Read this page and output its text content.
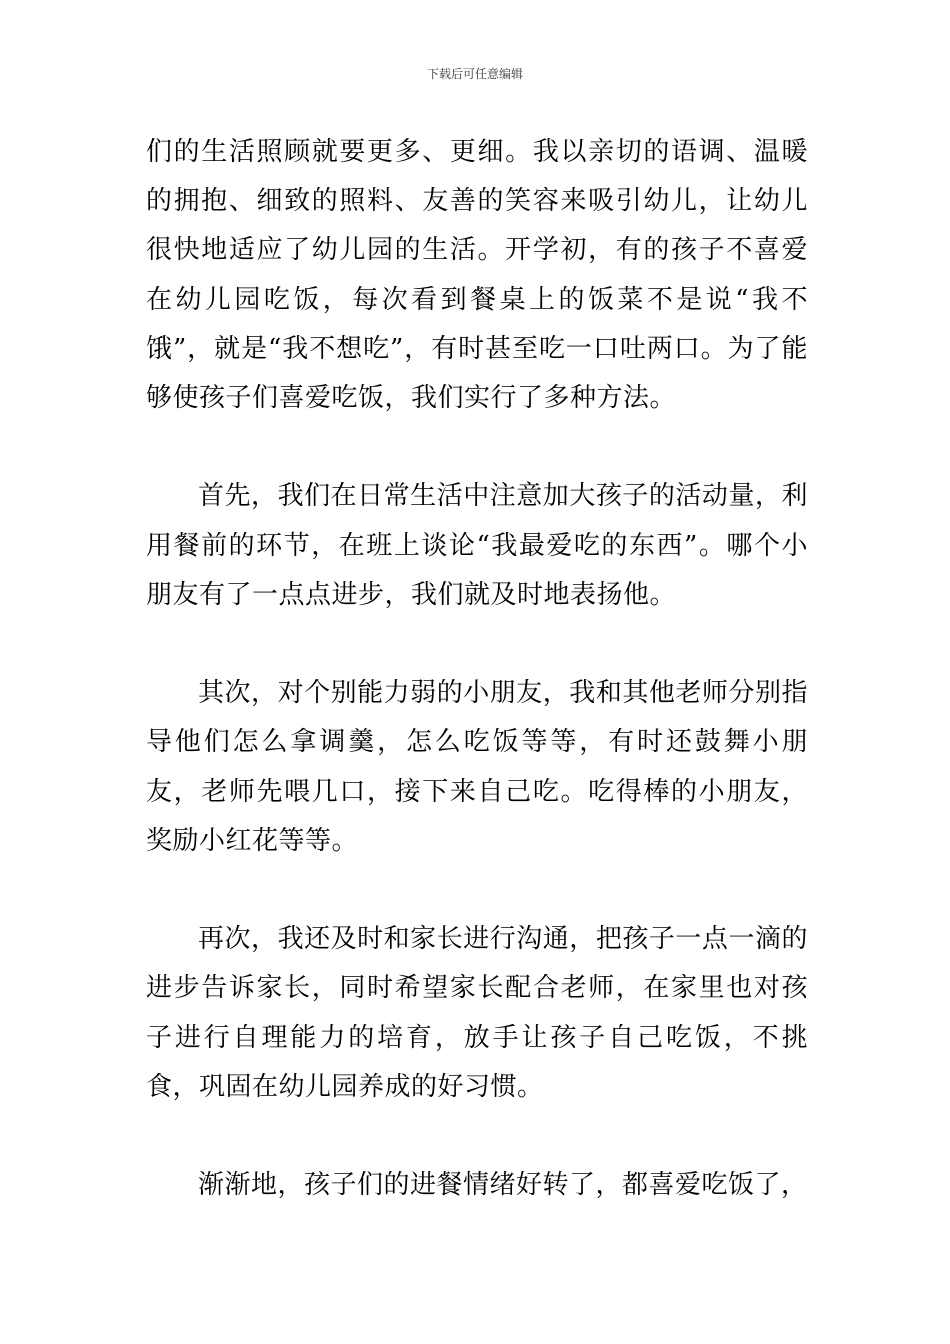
下载后可任意编辑

们的生活照顾就要更多、更细。我以亲切的语调、温暖的拥抱、细致的照料、友善的笑容来吸引幼儿，让幼儿很快地适应了幼儿园的生活。开学初，有的孩子不喜爱在幼儿园吃饭，每次看到餐桌上的饭菜不是说“我不饿”，就是“我不想吃”，有时甚至吃一口吐两口。为了能够使孩子们喜爱吃饭，我们实行了多种方法。

首先，我们在日常生活中注意加大孩子的活动量，利用餐前的环节，在班上谈论“我最爱吃的东西”。哪个小朋友有了一点点进步，我们就及时地表扬他。

其次，对个别能力弱的小朋友，我和其他老师分别指导他们怎么拿调羹，怎么吃饭等等，有时还鼓舞小朋友，老师先喂几口，接下来自己吃。吃得棒的小朋友，奖励小红花等等。

再次，我还及时和家长进行沟通，把孩子一点一滴的进步告诉家长，同时希望家长配合老师，在家里也对孩子进行自理能力的培育，放手让孩子自己吃饭，不挑食，巩固在幼儿园养成的好习惯。

渐渐地，孩子们的进餐情绪好转了，都喜爱吃饭了，
